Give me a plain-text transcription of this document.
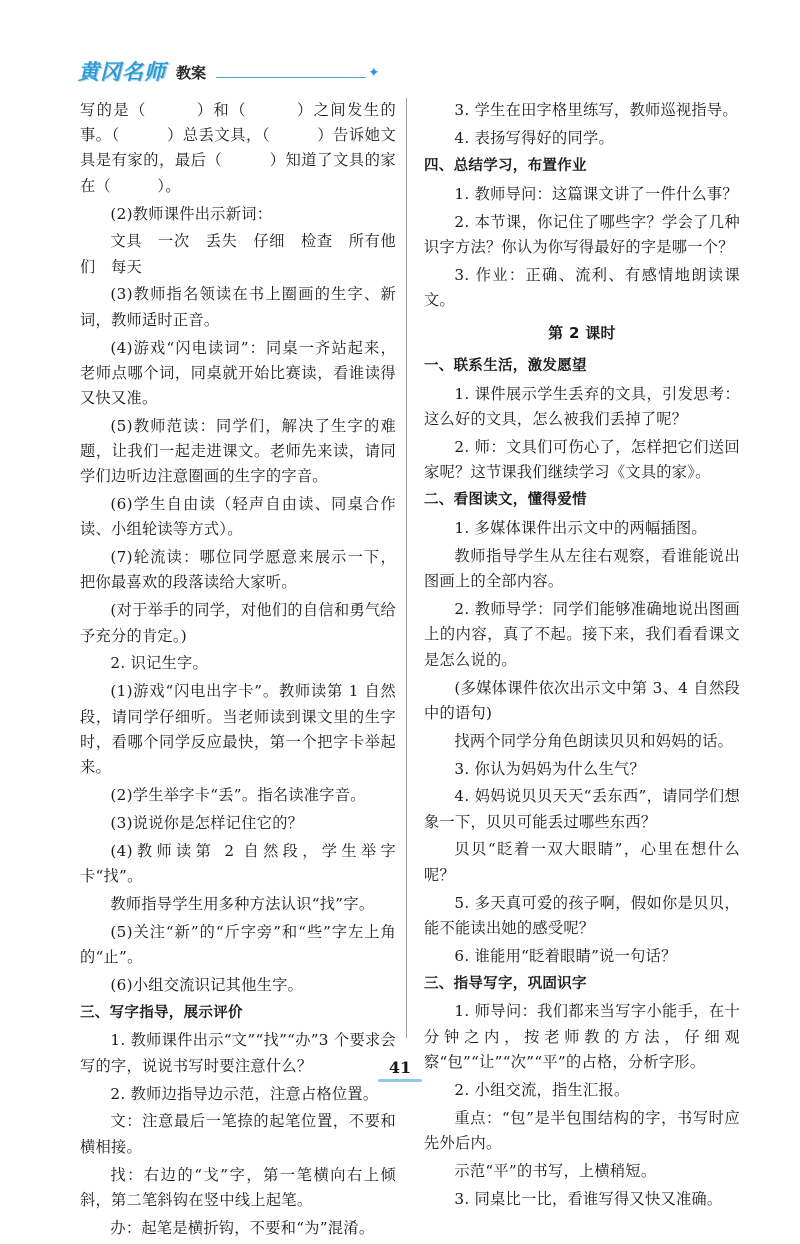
黄冈名师 教案	✦

写的是（　　　）和（　　　）之间发生的事。（　　　）总丢文具，（　　　）告诉她文具是有家的，最后（　　　）知道了文具的家在（　　　）。

(2)教师课件出示新词：

文具　一次　丢失　仔细　检查　所有他们　每天

(3)教师指名领读在书上圈画的生字、新词，教师适时正音。

(4)游戏“闪电读词”：同桌一齐站起来，老师点哪个词，同桌就开始比赛读，看谁读得又快又准。

(5)教师范读：同学们，解决了生字的难题，让我们一起走进课文。老师先来读，请同学们边听边注意圈画的生字的字音。

(6)学生自由读（轻声自由读、同桌合作读、小组轮读等方式）。

(7)轮流读：哪位同学愿意来展示一下，把你最喜欢的段落读给大家听。

(对于举手的同学，对他们的自信和勇气给予充分的肯定。)

2. 识记生字。

(1)游戏“闪电出字卡”。教师读第 1 自然段，请同学仔细听。当老师读到课文里的生字时，看哪个同学反应最快，第一个把字卡举起来。

(2)学生举字卡“丢”。指名读准字音。

(3)说说你是怎样记住它的？

(4)教师读第 2 自然段，学生举字卡“找”。

教师指导学生用多种方法认识“找”字。

(5)关注“新”的“斤字旁”和“些”字左上角的“止”。

(6)小组交流识记其他生字。

三、写字指导，展示评价

1. 教师课件出示“文”“找”“办”3 个要求会写的字，说说书写时要注意什么？

2. 教师边指导边示范，注意占格位置。

文：注意最后一笔捺的起笔位置，不要和横相接。

找：右边的“戈”字，第一笔横向右上倾斜，第二笔斜钩在竖中线上起笔。

办：起笔是横折钩，不要和“为”混淆。

3. 学生在田字格里练写，教师巡视指导。

4. 表扬写得好的同学。

四、总结学习，布置作业

1. 教师导问：这篇课文讲了一件什么事？

2. 本节课，你记住了哪些字？学会了几种识字方法？你认为你写得最好的字是哪一个？

3. 作业：正确、流利、有感情地朗读课文。

第 2 课时

一、联系生活，激发愿望

1. 课件展示学生丢弃的文具，引发思考：这么好的文具，怎么被我们丢掉了呢？

2. 师：文具们可伤心了，怎样把它们送回家呢？这节课我们继续学习《文具的家》。

二、看图读文，懂得爱惜

1. 多媒体课件出示文中的两幅插图。

教师指导学生从左往右观察，看谁能说出图画上的全部内容。

2. 教师导学：同学们能够准确地说出图画上的内容，真了不起。接下来，我们看看课文是怎么说的。

(多媒体课件依次出示文中第 3、4 自然段中的语句)

找两个同学分角色朗读贝贝和妈妈的话。

3. 你认为妈妈为什么生气？

4. 妈妈说贝贝天天“丢东西”，请同学们想象一下，贝贝可能丢过哪些东西？

贝贝“眨着一双大眼睛”，心里在想什么呢？

5. 多天真可爱的孩子啊，假如你是贝贝，能不能读出她的感受呢？

6. 谁能用“眨着眼睛”说一句话？

三、指导写字，巩固识字

1. 师导问：我们都来当写字小能手，在十分钟之内，按老师教的方法，仔细观察“包”“让”“次”“平”的占格，分析字形。

2. 小组交流，指生汇报。

重点：“包”是半包围结构的字，书写时应先外后内。

示范“平”的书写，上横稍短。

3. 同桌比一比，看谁写得又快又准确。

41
